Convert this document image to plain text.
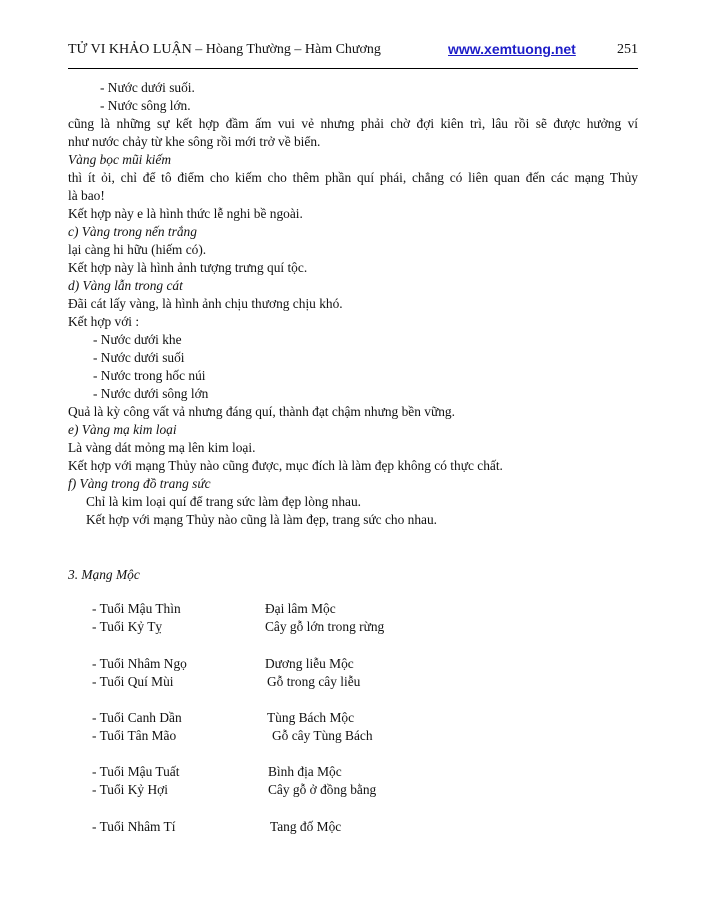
TỬ VI KHẢO LUẬN – Hòang Thường – Hàm Chương	www.xemtuong.net	251
- Nước dưới suối.
- Nước sông lớn.
cũng là những sự kết hợp đầm ấm vui vẻ nhưng phải chờ đợi kiên trì, lâu rồi sẽ được hưởng ví
như nước chảy từ khe sông rồi mới trở về biển.
Vàng bọc mũi kiếm
thì ít ỏi, chỉ để tô điểm cho kiếm cho thêm phần quí phái, chẳng có liên quan đến các mạng Thủy
là bao!
Kết hợp này e là hình thức lễ nghi bề ngoài.
c) Vàng trong nến trắng
lại càng hi hữu (hiếm có).
Kết hợp này là hình ảnh tượng trưng quí tộc.
d) Vàng lẫn trong cát
Đãi cát lấy vàng, là hình ảnh chịu thương chịu khó.
Kết hợp với :
- Nước dưới khe
- Nước dưới suối
- Nước trong hốc núi
- Nước dưới sông lớn
Quả là kỳ công vất vả nhưng đáng quí, thành đạt chậm nhưng bền vững.
e) Vàng mạ kim loại
Là vàng dát mỏng mạ lên kim loại.
Kết hợp với mạng Thủy nào cũng được, mục đích là làm đẹp không có thực chất.
f) Vàng trong đồ trang sức
Chỉ là kim loại quí để trang sức làm đẹp lòng nhau.
Kết hợp với mạng Thủy nào cũng là làm đẹp, trang sức cho nhau.
3. Mạng Mộc
- Tuổi Mậu Thìn	Đại lâm Mộc
- Tuổi Kỷ Tỵ	Cây gỗ lớn trong rừng
- Tuổi Nhâm Ngọ	Dương liễu Mộc
- Tuổi Quí Mùi	Gỗ trong cây liễu
- Tuổi Canh Dần	Tùng Bách Mộc
- Tuổi Tân Mão	Gỗ cây Tùng Bách
- Tuổi Mậu Tuất	Bình địa Mộc
- Tuổi Kỷ Hợi	Cây gỗ ở đồng bằng
- Tuổi Nhâm Tí	Tang đố Mộc
